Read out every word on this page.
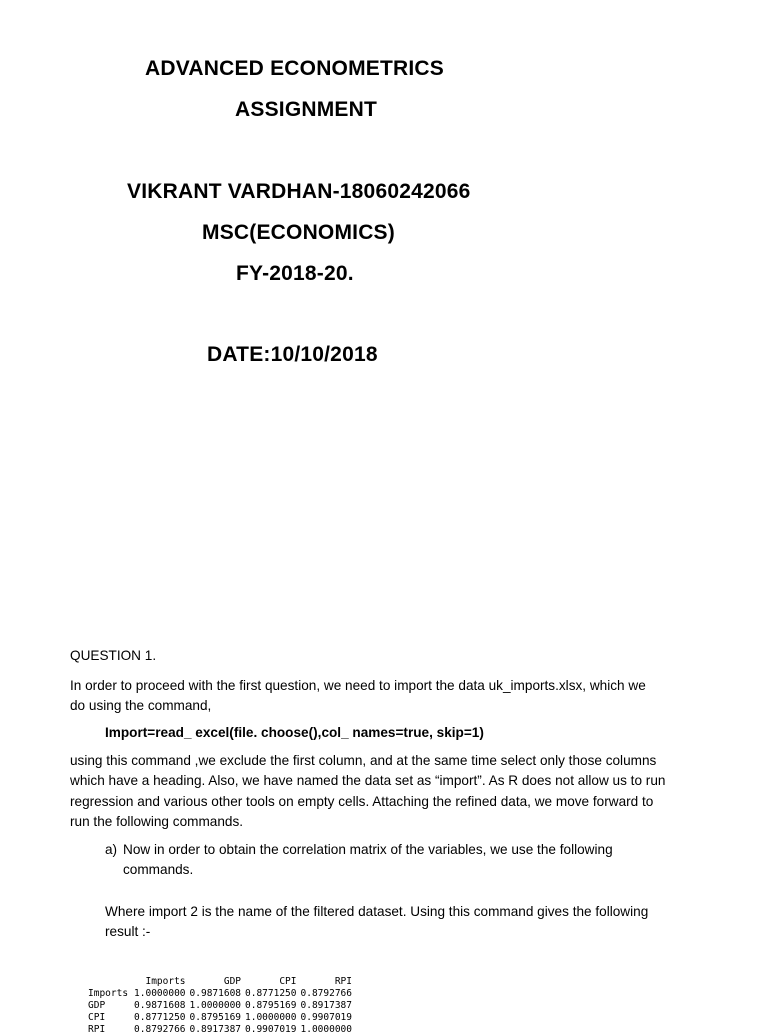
ADVANCED ECONOMETRICS
ASSIGNMENT
VIKRANT VARDHAN-18060242066
MSC(ECONOMICS)
FY-2018-20.
DATE:10/10/2018
QUESTION 1.
In order to proceed with the first question, we need to import the data uk_imports.xlsx, which we
do using the command,
Import=read_ excel(file. choose(),col_ names=true, skip=1)
using this command ,we exclude the first column, and at the same time select only those columns
which have a heading. Also, we have named the data set as “import”. As R does not allow us to run
regression and various other tools on empty cells. Attaching the refined data, we move forward to
run the following commands.
a) Now in order to obtain the correlation matrix of the variables, we use the following
commands.
Where import 2 is the name of the filtered dataset. Using this command gives the following
result :-
	Imports	GDP	CPI	RPI
Imports	1.0000000	0.9871608	0.8771250	0.8792766
GDP	0.9871608	1.0000000	0.8795169	0.8917387
CPI	0.8771250	0.8795169	1.0000000	0.9907019
RPI	0.8792766	0.8917387	0.9907019	1.0000000
